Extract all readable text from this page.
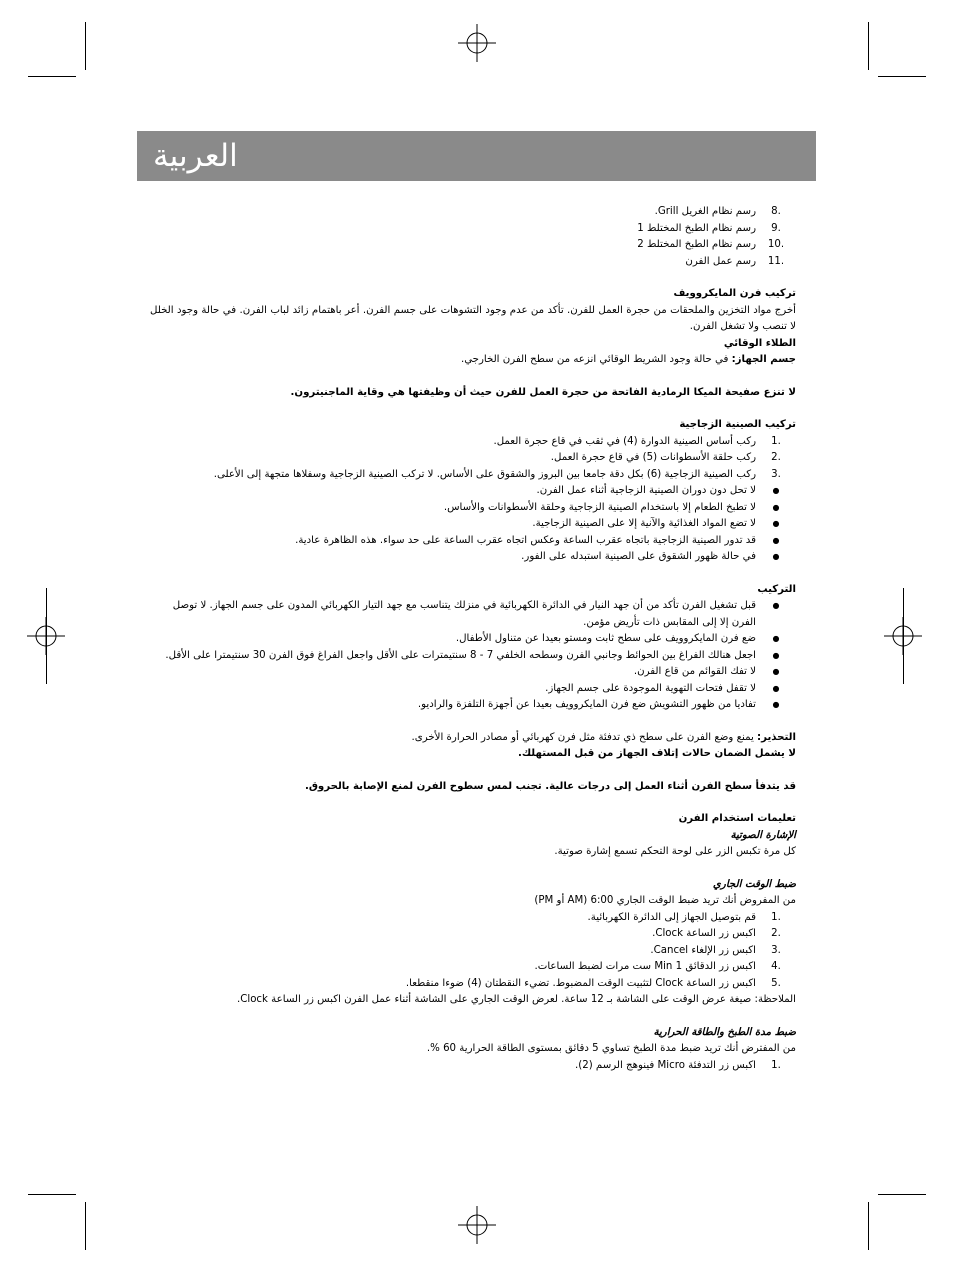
العربية
8.
رسم نظام الغريل Grill.
9.
رسم نظام الطبخ المختلط 1
10.
رسم نظام الطبخ المختلط 2
11.
رسم عمل الفرن

تركيب فرن المايكروويف

أخرج مواد التخزين والملحقات من حجرة العمل للفرن. تأكد من عدم وجود التشوهات على جسم الفرن. أعر باهتمام زائد لباب الفرن. في حالة وجود الخلل لا تنصب ولا تشغل الفرن.

الطلاء الوقائي

جسم الجهاز: في حالة وجود الشريط الوقائي انزعه من سطح الفرن الخارجي.

لا تنزع صفيحة الميكا الرمادية الفاتحة من حجرة العمل للفرن حيث أن وظيفتها هي وقاية الماجنيترون.

تركيب الصينية الزجاجية

1.
ركب أساس الصينية الدوارة (4) في ثقب في قاع حجرة العمل.
2.
ركب حلقة الأسطوانات (5) في قاع حجرة العمل.
3.
ركب الصينية الزجاجية (6) بكل دقة جامعا بين البروز والشقوق على الأساس. لا تركب الصينية الزجاجية وسفلاها متجهة إلى الأعلى.
●
لا تحل دون دوران الصينية الزجاجية أثناء عمل الفرن.
●
لا تطبخ الطعام إلا باستخدام الصينية الزجاجية وحلقة الأسطوانات والأساس.
●
لا تضع المواد الغذائية والآنية إلا على الصينية الزجاجية.
●
قد تدور الصينية الزجاجية باتجاه عقرب الساعة وعكس اتجاه عقرب الساعة على حد سواء. هذه الظاهرة عادية.
●
في حالة ظهور الشقوق على الصينية استبدله على الفور.

التركيب

●
قبل تشغيل الفرن تأكد من أن جهد النيار في الدائرة الكهربائية في منزلك يتناسب مع جهد التيار الكهربائي المدون على جسم الجهاز. لا توصل الفرن إلا إلى المقابس ذات تأريض مؤمن.
●
ضع فرن المايكروويف على سطح ثابت ومستو بعيدا عن متناول الأطفال.
●
اجعل هنالك الفراغ بين الحوائط وجانبي الفرن وسطحه الخلفي 7 - 8 سنتيمترات على الأقل واجعل الفراغ فوق الفرن 30 سنتيمترا على الأقل.
●
لا تفك القوائم من قاع الفرن.
●
لا تقفل فتحات التهوية الموجودة على جسم الجهاز.
●
تفاديا من ظهور التشويش ضع فرن المايكروويف بعيدا عن أجهزة التلفزة والراديو.

التحذير: يمنع وضع الفرن على سطح ذي تدفئة مثل فرن كهربائي أو مصادر الحرارة الأخرى.

لا يشمل الضمان حالات إتلاف الجهاز من قبل المستهلك.

قد يتدفأ سطح الفرن أثناء العمل إلى درجات عالية. تجنب لمس سطوح الفرن لمنع الإصابة بالحروق.

تعليمات استخدام الفرن

الإشارة الصوتية

كل مرة تكبس الزر على لوحة التحكم تسمع إشارة صوتية.

ضبط الوقت الجاري

من المفروض أنك تريد ضبط الوقت الجاري 6:00 (AM أو PM)

1.
قم بتوصيل الجهاز إلى الدائرة الكهربائية.
2.
اكبس زر الساعة Clock.
3.
اكبس زر الإلغاء Cancel.
4.
اكبس زر الدقائق Min 1 ست مرات لضبط الساعات.
5.
اكبس زر الساعة Clock لتثبيت الوقت المضبوط. تضيء النقطتان (4) ضوءا منقطعا.

الملاحظة: صيغة عرض الوقت على الشاشة بـ 12 ساعة. لعرض الوقت الجاري على الشاشة أثناء عمل الفرن اكبس زر الساعة Clock.

ضبط مدة الطبخ والطاقة الحرارية

من المفترض أنك تريد ضبط مدة الطبخ تساوي 5 دقائق بمستوى الطاقة الحرارية 60 %.

1.
اكبس زر التدفئة Micro فينوهج الرسم (2).
